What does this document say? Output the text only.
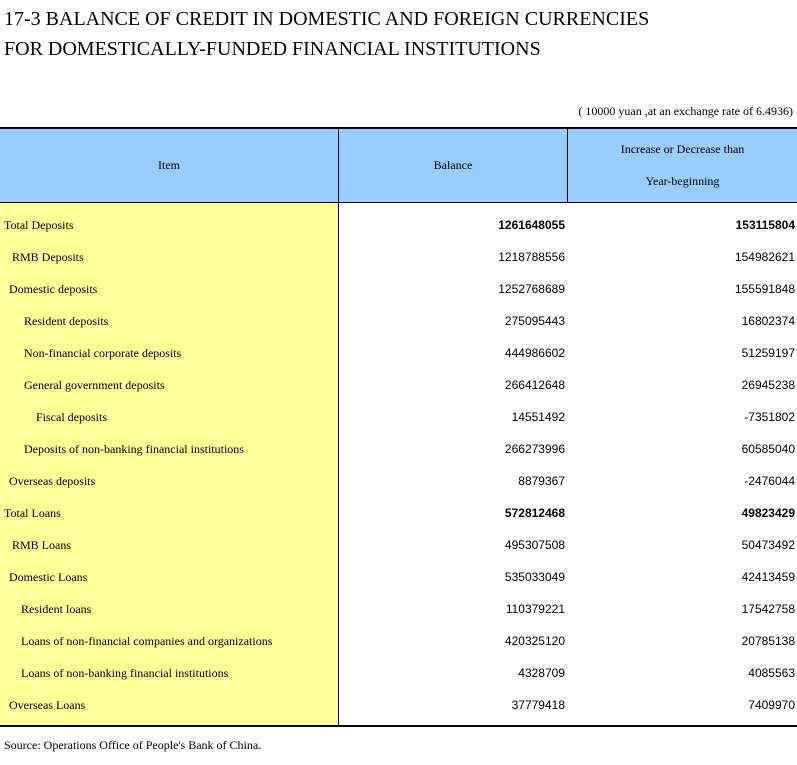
17-3 BALANCE OF CREDIT IN DOMESTIC AND FOREIGN CURRENCIES
FOR DOMESTICALLY-FUNDED FINANCIAL INSTITUTIONS
( 10000 yuan ,at an exchange rate of 6.4936)
Item	Balance
Increase or Decrease than
Year-beginning
Total Deposits	1261648055	153115804
RMB Deposits	1218788556	154982621
Domestic deposits	1252768689	155591848
Resident deposits	275095443	16802374
Non-financial corporate deposits	444986602	51259197
General government deposits	266412648	26945238
Fiscal deposits	14551492	-7351802
Deposits of non-banking financial institutions	266273996	60585040
Overseas deposits	8879367	-2476044
Total Loans	572812468	49823429
RMB Loans	495307508	50473492
Domestic Loans	535033049	42413459
Resident loans	110379221	17542758
Loans of non-financial companies and organizations	420325120	20785138
Loans of non-banking financial institutions	4328709	4085563
Overseas Loans	37779418	7409970
Source: Operations Office of People's Bank of China.
